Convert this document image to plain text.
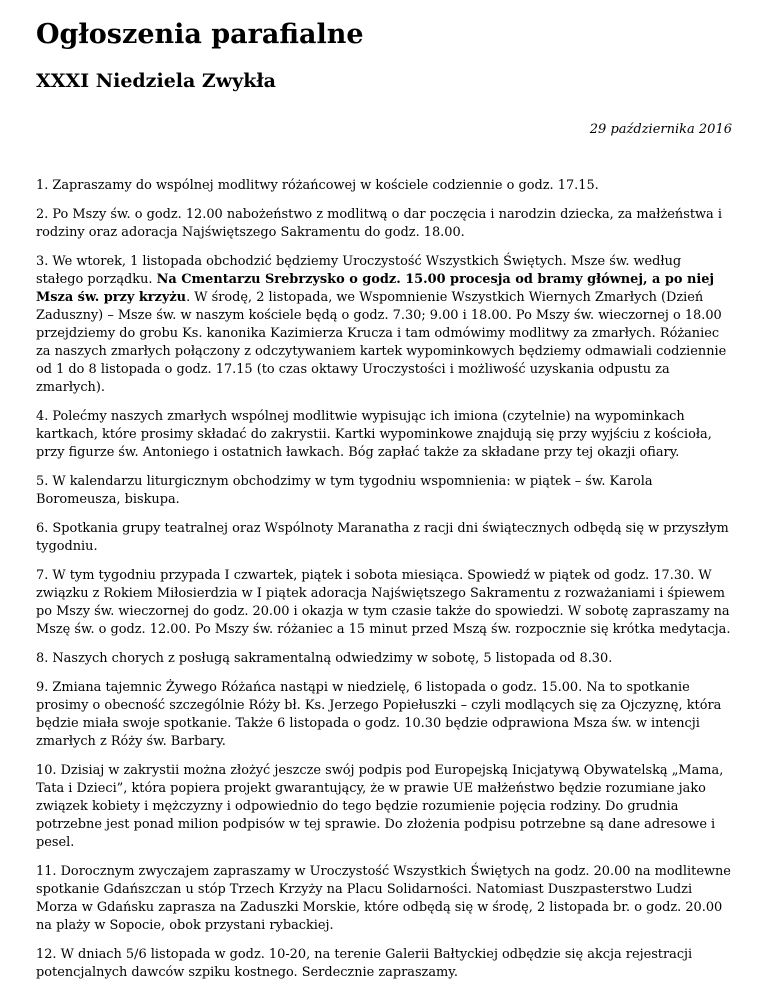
Ogłoszenia parafialne
XXXI Niedziela Zwykła
29 października 2016

1. Zapraszamy do wspólnej modlitwy różańcowej w kościele codziennie o godz. 17.15.

2. Po Mszy św. o godz. 12.00 nabożeństwo z modlitwą o dar poczęcia i narodzin dziecka, za małżeństwa i rodziny oraz adoracja Najświętszego Sakramentu do godz. 18.00.

3. We wtorek, 1 listopada obchodzić będziemy Uroczystość Wszystkich Świętych. Msze św. według stałego porządku. Na Cmentarzu Srebrzysko o godz. 15.00 procesja od bramy głównej, a po niej Msza św. przy krzyżu. W środę, 2 listopada, we Wspomnienie Wszystkich Wiernych Zmarłych (Dzień Zaduszny) – Msze św. w naszym kościele będą o godz. 7.30; 9.00 i 18.00. Po Mszy św. wieczornej o 18.00 przejdziemy do grobu Ks. kanonika Kazimierza Krucza i tam odmówimy modlitwy za zmarłych. Różaniec za naszych zmarłych połączony z odczytywaniem kartek wypominkowych będziemy odmawiali codziennie od 1 do 8 listopada o godz. 17.15 (to czas oktawy Uroczystości i możliwość uzyskania odpustu za zmarłych).

4. Polećmy naszych zmarłych wspólnej modlitwie wypisując ich imiona (czytelnie) na wypominkach kartkach, które prosimy składać do zakrystii. Kartki wypominkowe znajdują się przy wyjściu z kościoła, przy figurze św. Antoniego i ostatnich ławkach. Bóg zapłać także za składane przy tej okazji ofiary.

5. W kalendarzu liturgicznym obchodzimy w tym tygodniu wspomnienia: w piątek – św. Karola Boromeusza, biskupa.

6. Spotkania grupy teatralnej oraz Wspólnoty Maranatha z racji dni świątecznych odbędą się w przyszłym tygodniu.

7. W tym tygodniu przypada I czwartek, piątek i sobota miesiąca. Spowiedź w piątek od godz. 17.30. W związku z Rokiem Miłosierdzia w I piątek adoracja Najświętszego Sakramentu z rozważaniami i śpiewem po Mszy św. wieczornej do godz. 20.00 i okazja w tym czasie także do spowiedzi. W sobotę zapraszamy na Mszę św. o godz. 12.00. Po Mszy św. różaniec a 15 minut przed Mszą św. rozpocznie się krótka medytacja.

8. Naszych chorych z posługą sakramentalną odwiedzimy w sobotę, 5 listopada od 8.30.

9. Zmiana tajemnic Żywego Różańca nastąpi w niedzielę, 6 listopada o godz. 15.00. Na to spotkanie prosimy o obecność szczególnie Róży bł. Ks. Jerzego Popiełuszki – czyli modlących się za Ojczyznę, która będzie miała swoje spotkanie. Także 6 listopada o godz. 10.30 będzie odprawiona Msza św. w intencji zmarłych z Róży św. Barbary.

10. Dzisiaj w zakrystii można złożyć jeszcze swój podpis pod Europejską Inicjatywą Obywatelską „Mama, Tata i Dzieci”, która popiera projekt gwarantujący, że w prawie UE małżeństwo będzie rozumiane jako związek kobiety i mężczyzny i odpowiednio do tego będzie rozumienie pojęcia rodziny. Do grudnia potrzebne jest ponad milion podpisów w tej sprawie. Do złożenia podpisu potrzebne są dane adresowe i pesel.

11. Dorocznym zwyczajem zapraszamy w Uroczystość Wszystkich Świętych na godz. 20.00 na modlitewne spotkanie Gdańszczan u stóp Trzech Krzyży na Placu Solidarności. Natomiast Duszpasterstwo Ludzi Morza w Gdańsku zaprasza na Zaduszki Morskie, które odbędą się w środę, 2 listopada br. o godz. 20.00 na plaży w Sopocie, obok przystani rybackiej.

12. W dniach 5/6 listopada w godz. 10-20, na terenie Galerii Bałtyckiej odbędzie się akcja rejestracji potencjalnych dawców szpiku kostnego. Serdecznie zapraszamy.
